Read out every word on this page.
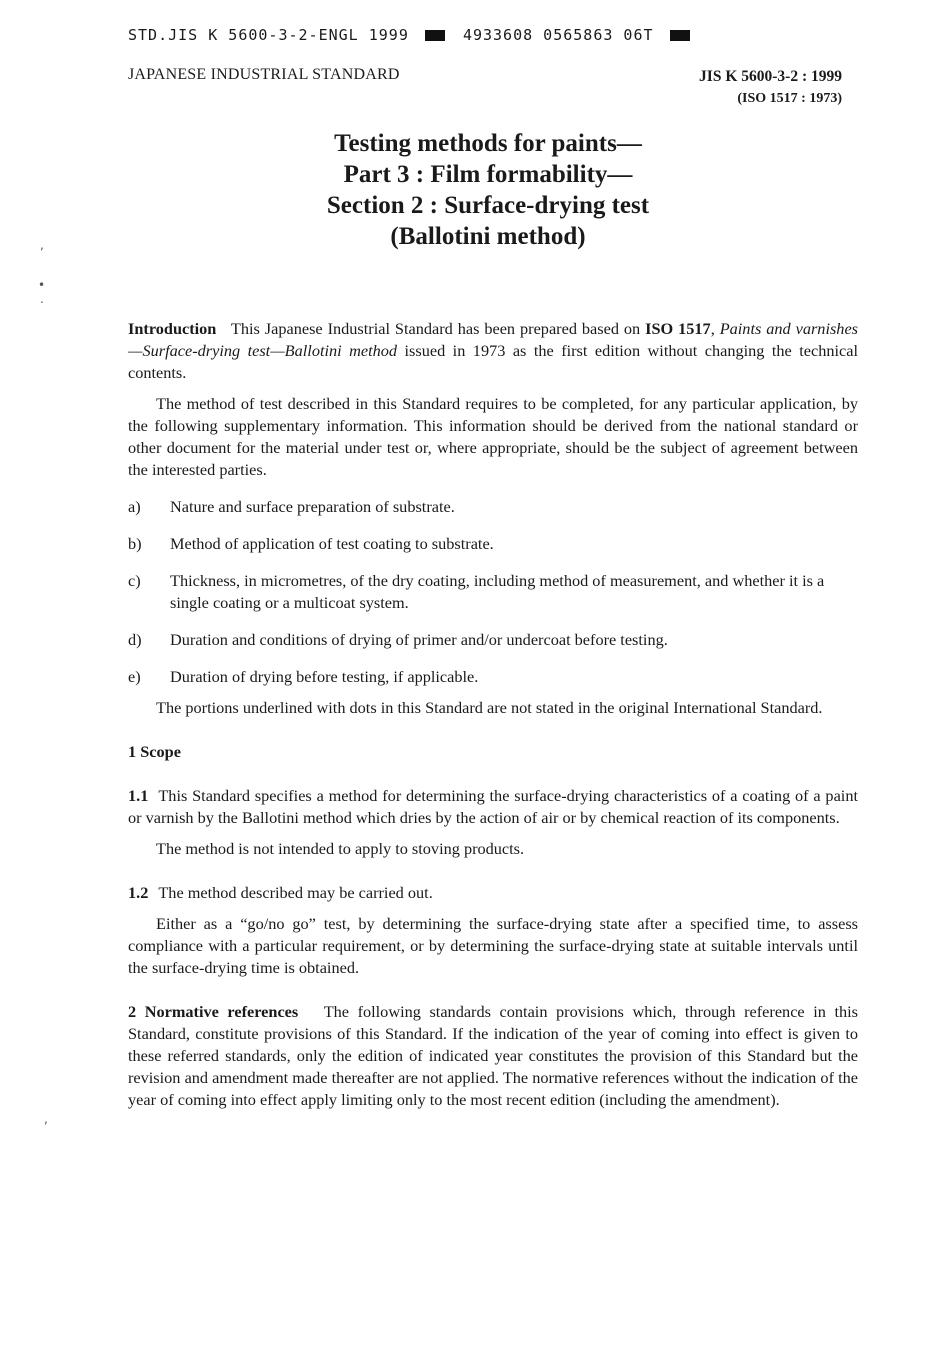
STD.JIS K 5600-3-2-ENGL 1999	4933608 0565863 06T
JAPANESE INDUSTRIAL STANDARD	JIS K 5600-3-2 : 1999
(ISO 1517 : 1973)
Testing methods for paints—
Part 3 : Film formability—
Section 2 : Surface-drying test
(Ballotini method)
,
•
.
,

Introduction This Japanese Industrial Standard has been prepared based on ISO 1517, Paints and varnishes—Surface-drying test—Ballotini method issued in 1973 as the first edition without changing the technical contents.

The method of test described in this Standard requires to be completed, for any particular application, by the following supplementary information. This information should be derived from the national standard or other document for the material under test or, where appropriate, should be the subject of agreement between the interested parties.

a)	Nature and surface preparation of substrate.
b)	Method of application of test coating to substrate.
c)	Thickness, in micrometres, of the dry coating, including method of measurement, and whether it is a single coating or a multicoat system.
d)	Duration and conditions of drying of primer and/or undercoat before testing.
e)	Duration of drying before testing, if applicable.

The portions underlined with dots in this Standard are not stated in the original International Standard.

1 Scope

1.1 This Standard specifies a method for determining the surface-drying characteristics of a coating of a paint or varnish by the Ballotini method which dries by the action of air or by chemical reaction of its components.

The method is not intended to apply to stoving products.

1.2 The method described may be carried out.

Either as a “go/no go” test, by determining the surface-drying state after a specified time, to assess compliance with a particular requirement, or by determining the surface-drying state at suitable intervals until the surface-drying time is obtained.

2 Normative references The following standards contain provisions which, through reference in this Standard, constitute provisions of this Standard. If the indication of the year of coming into effect is given to these referred standards, only the edition of indicated year constitutes the provision of this Standard but the revision and amendment made thereafter are not applied. The normative references without the indication of the year of coming into effect apply limiting only to the most recent edition (including the amendment).
